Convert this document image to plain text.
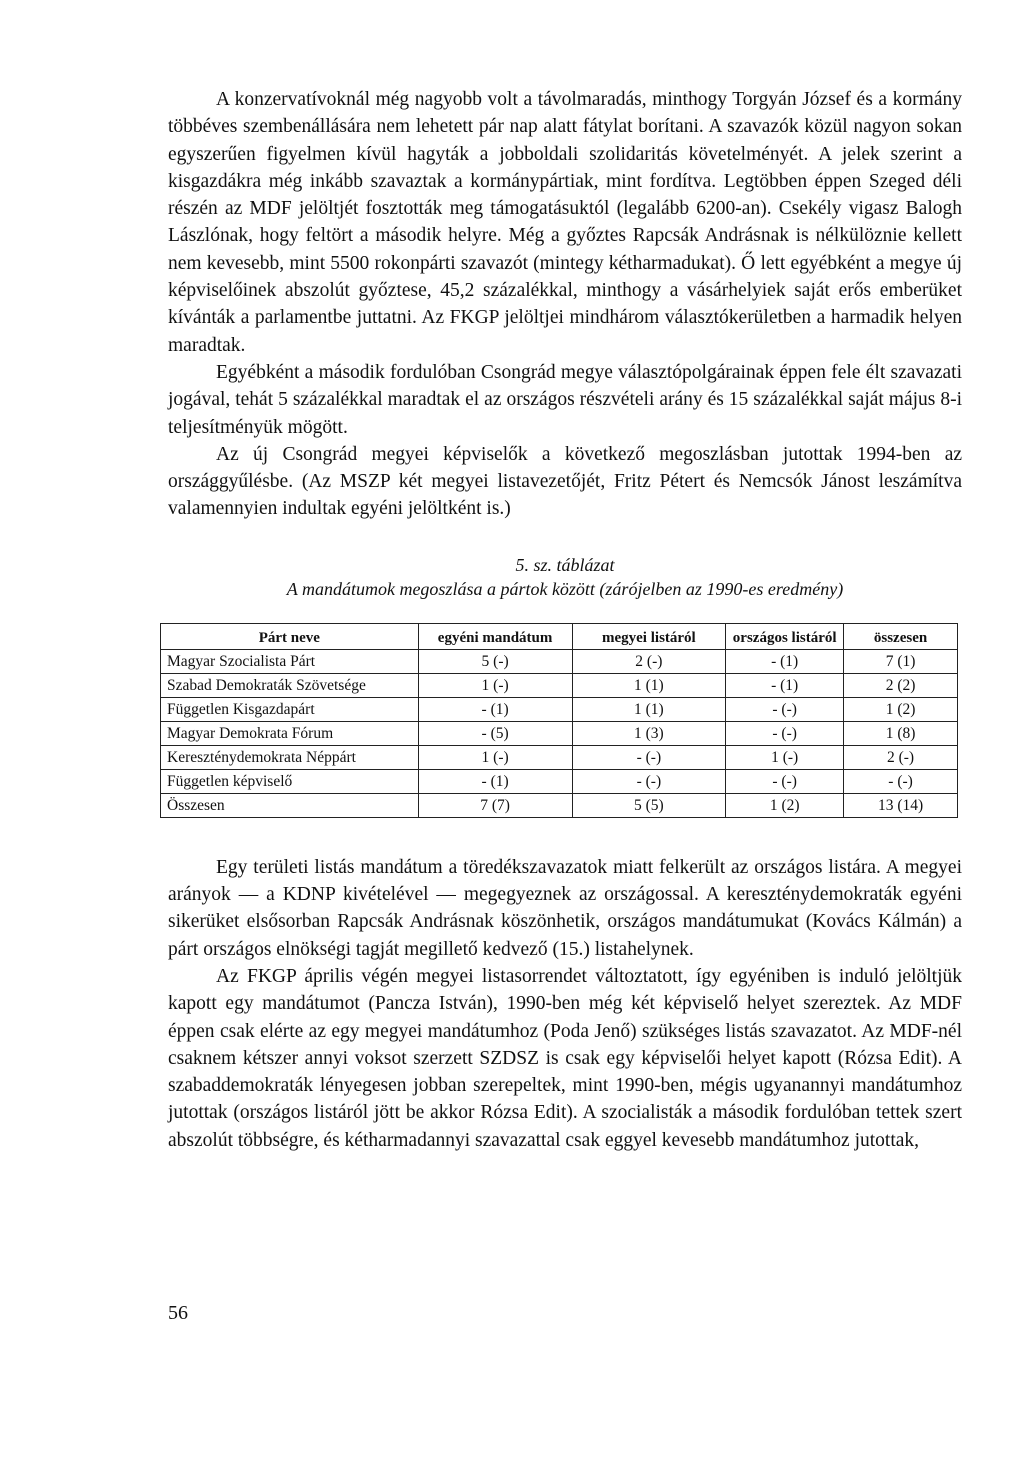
A konzervatívoknál még nagyobb volt a távolmaradás, minthogy Torgyán József és a kormány többéves szembenállására nem lehetett pár nap alatt fátylat borítani. A szavazók közül nagyon sokan egyszerűen figyelmen kívül hagyták a jobboldali szolidaritás követelményét. A jelek szerint a kisgazdákra még inkább szavaztak a kormánypártiak, mint fordítva. Legtöbben éppen Szeged déli részén az MDF jelöltjét fosztották meg támogatásuktól (legalább 6200-an). Csekély vigasz Balogh Lászlónak, hogy feltört a második helyre. Még a győztes Rapcsák Andrásnak is nélkülöznie kellett nem kevesebb, mint 5500 rokonpárti szavazót (mintegy kétharmadukat). Ő lett egyébként a megye új képviselőinek abszolút győztese, 45,2 százalékkal, minthogy a vásárhelyiek saját erős emberüket kívánták a parlamentbe juttatni. Az FKGP jelöltjei mindhárom választókerületben a harmadik helyen maradtak.

Egyébként a második fordulóban Csongrád megye választópolgárainak éppen fele élt szavazati jogával, tehát 5 százalékkal maradtak el az országos részvételi arány és 15 százalékkal saját május 8-i teljesítményük mögött.

Az új Csongrád megyei képviselők a következő megoszlásban jutottak 1994-ben az országgyűlésbe. (Az MSZP két megyei listavezetőjét, Fritz Pétert és Nemcsók Jánost leszámítva valamennyien indultak egyéni jelöltként is.)

5. sz. táblázat

A mandátumok megoszlása a pártok között (zárójelben az 1990-es eredmény)

Párt neve	egyéni mandátum	megyei listáról	országos listáról	összesen
Magyar Szocialista Párt	5 (-)	2 (-)	- (1)	7 (1)
Szabad Demokraták Szövetsége	1 (-)	1 (1)	- (1)	2 (2)
Független Kisgazdapárt	- (1)	1 (1)	- (-)	1 (2)
Magyar Demokrata Fórum	- (5)	1 (3)	- (-)	1 (8)
Kereszténydemokrata Néppárt	1 (-)	- (-)	1 (-)	2 (-)
Független képviselő	- (1)	- (-)	- (-)	- (-)
Összesen	7 (7)	5 (5)	1 (2)	13 (14)

Egy területi listás mandátum a töredékszavazatok miatt felkerült az országos listára. A megyei arányok — a KDNP kivételével — megegyeznek az országossal. A kereszténydemokraták egyéni sikerüket elsősorban Rapcsák Andrásnak köszönhetik, országos mandátumukat (Kovács Kálmán) a párt országos elnökségi tagját megillető kedvező (15.) listahelynek.

Az FKGP április végén megyei listasorrendet változtatott, így egyéniben is induló jelöltjük kapott egy mandátumot (Pancza István), 1990-ben még két képviselő helyet szereztek. Az MDF éppen csak elérte az egy megyei mandátumhoz (Poda Jenő) szükséges listás szavazatot. Az MDF-nél csaknem kétszer annyi voksot szerzett SZDSZ is csak egy képviselői helyet kapott (Rózsa Edit). A szabaddemokraták lényegesen jobban szerepeltek, mint 1990-ben, mégis ugyanannyi mandátumhoz jutottak (országos listáról jött be akkor Rózsa Edit). A szocialisták a második fordulóban tettek szert abszolút többségre, és kétharmadannyi szavazattal csak eggyel kevesebb mandátumhoz jutottak,

56
